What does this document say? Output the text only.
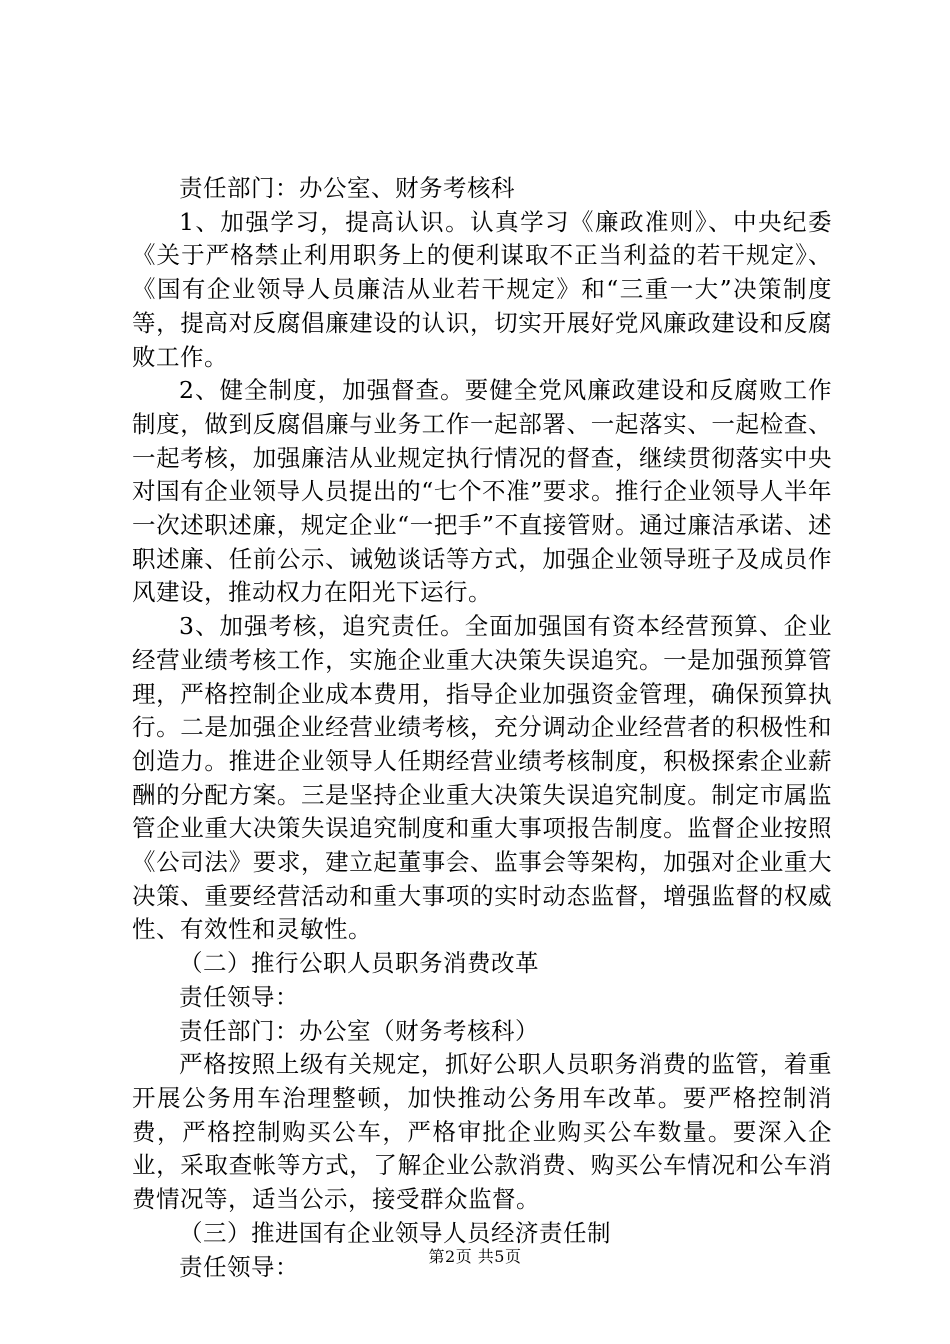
责任部门：办公室、财务考核科

1、加强学习，提高认识。认真学习《廉政准则》、中央纪委《关于严格禁止利用职务上的便利谋取不正当利益的若干规定》、《国有企业领导人员廉洁从业若干规定》和“三重一大”决策制度等，提高对反腐倡廉建设的认识，切实开展好党风廉政建设和反腐败工作。

2、健全制度，加强督查。要健全党风廉政建设和反腐败工作制度，做到反腐倡廉与业务工作一起部署、一起落实、一起检查、一起考核，加强廉洁从业规定执行情况的督查，继续贯彻落实中央对国有企业领导人员提出的“七个不准”要求。推行企业领导人半年一次述职述廉，规定企业“一把手”不直接管财。通过廉洁承诺、述职述廉、任前公示、诫勉谈话等方式，加强企业领导班子及成员作风建设，推动权力在阳光下运行。

3、加强考核，追究责任。全面加强国有资本经营预算、企业经营业绩考核工作，实施企业重大决策失误追究。一是加强预算管理，严格控制企业成本费用，指导企业加强资金管理，确保预算执行。二是加强企业经营业绩考核，充分调动企业经营者的积极性和创造力。推进企业领导人任期经营业绩考核制度，积极探索企业薪酬的分配方案。三是坚持企业重大决策失误追究制度。制定市属监管企业重大决策失误追究制度和重大事项报告制度。监督企业按照《公司法》要求，建立起董事会、监事会等架构，加强对企业重大决策、重要经营活动和重大事项的实时动态监督，增强监督的权威性、有效性和灵敏性。

（二）推行公职人员职务消费改革

责任领导：

责任部门：办公室（财务考核科）

严格按照上级有关规定，抓好公职人员职务消费的监管，着重开展公务用车治理整顿，加快推动公务用车改革。要严格控制消费，严格控制购买公车，严格审批企业购买公车数量。要深入企业，采取查帐等方式，了解企业公款消费、购买公车情况和公车消费情况等，适当公示，接受群众监督。

（三）推进国有企业领导人员经济责任制

责任领导：	第2页 共5页
